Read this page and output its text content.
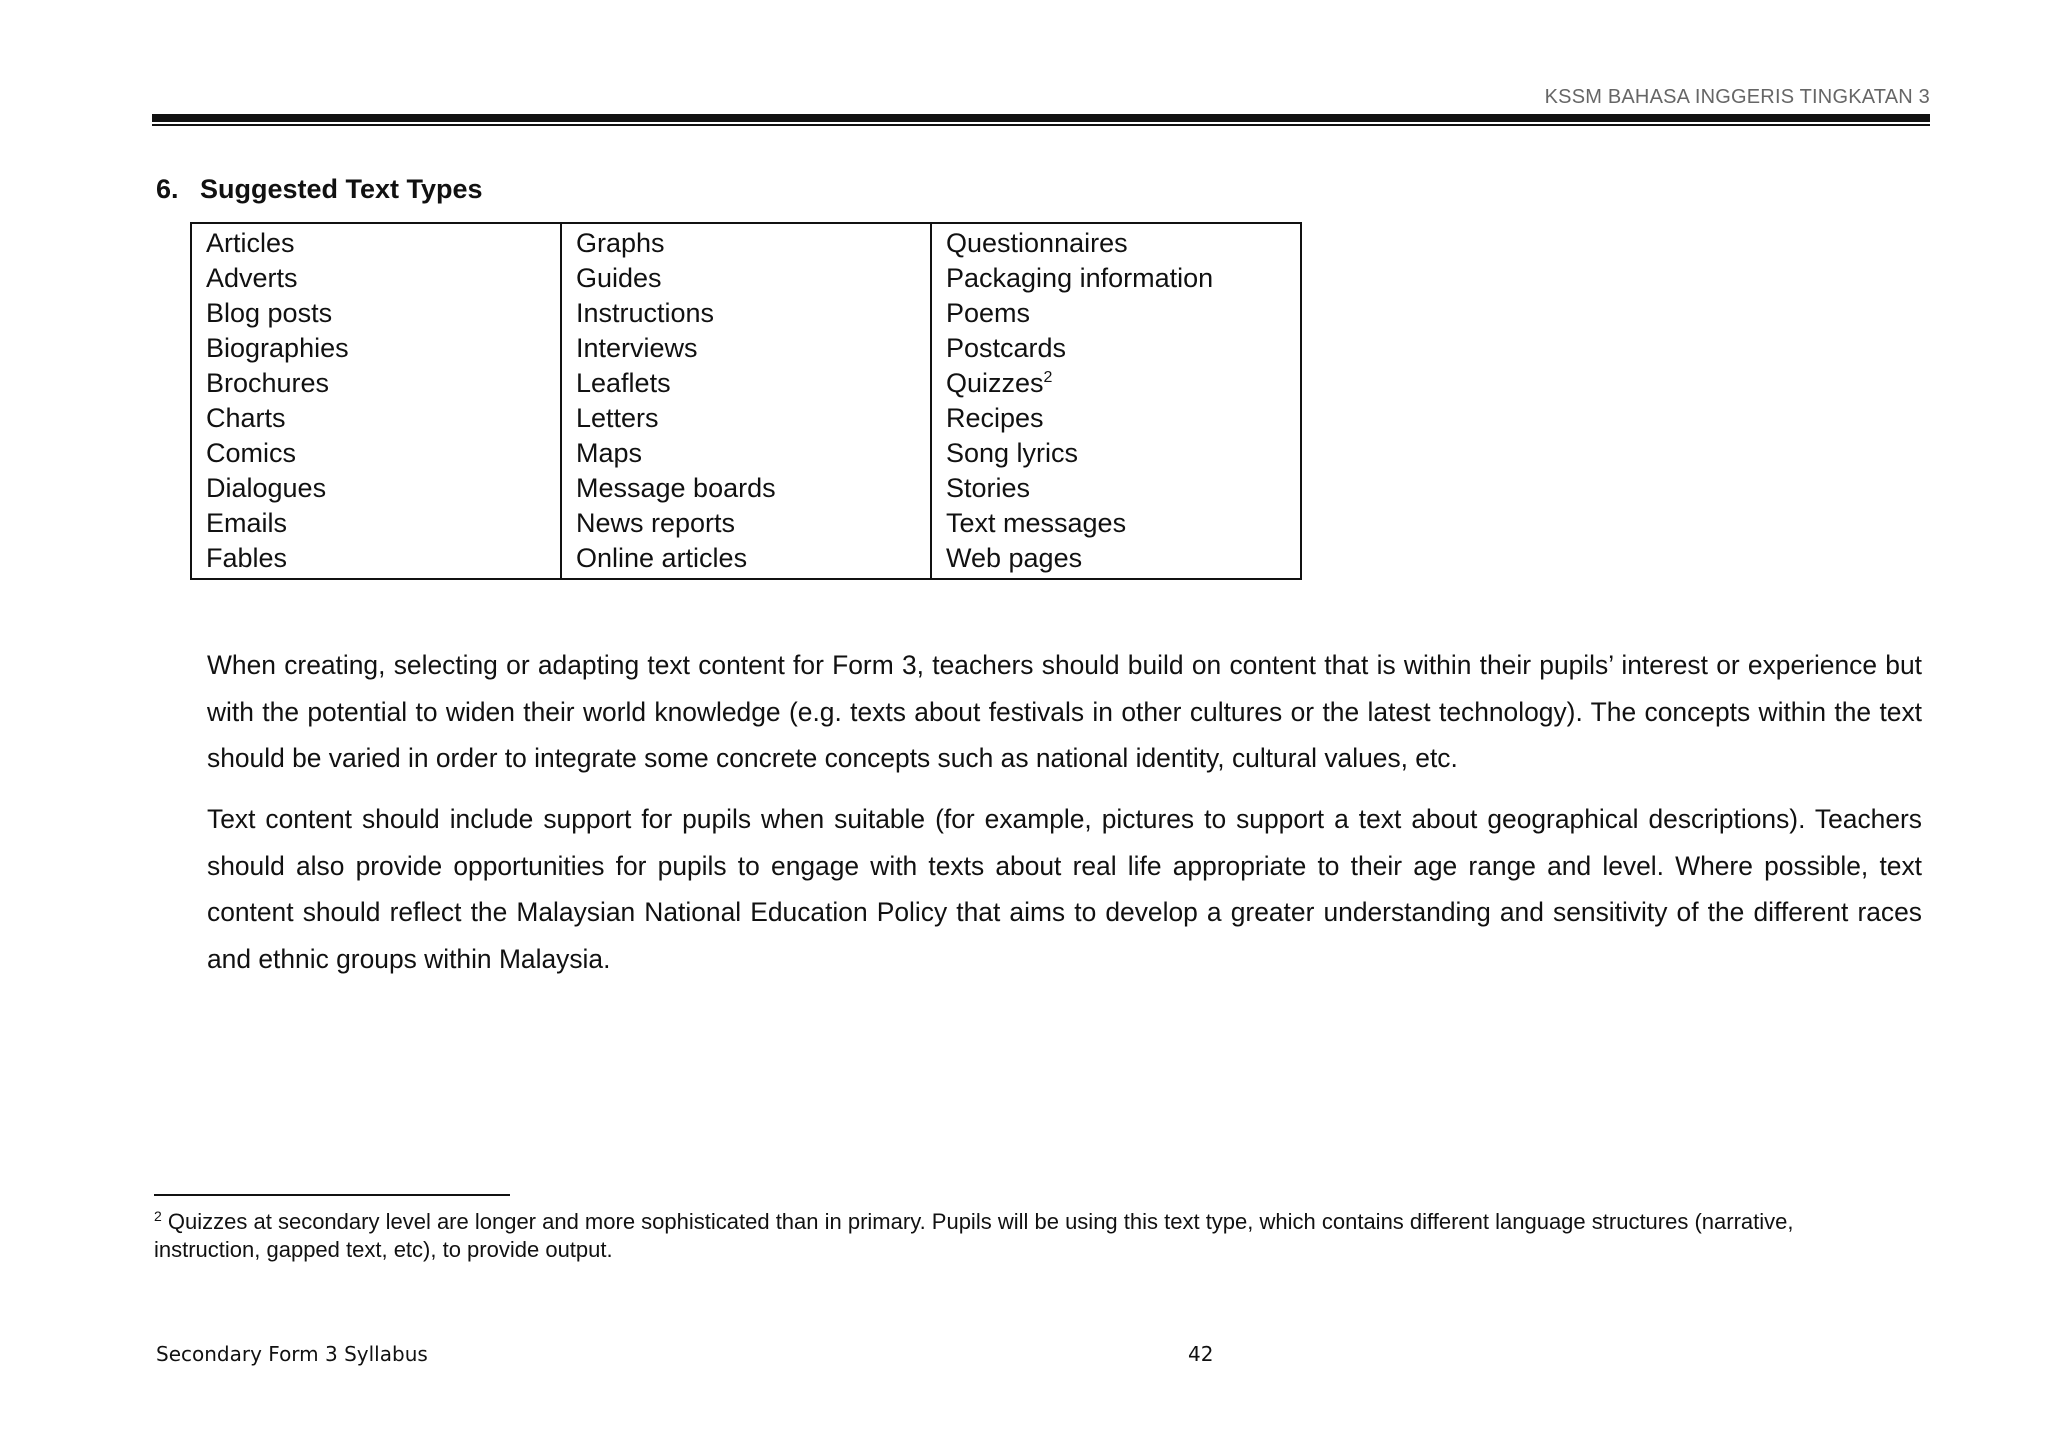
KSSM BAHASA INGGERIS TINGKATAN 3
6. Suggested Text Types
Articles
Adverts
Blog posts
Biographies
Brochures
Charts
Comics
Dialogues
Emails
Fables
Graphs
Guides
Instructions
Interviews
Leaflets
Letters
Maps
Message boards
News reports
Online articles
Questionnaires
Packaging information
Poems
Postcards
Quizzes$^2$
Recipes
Song lyrics
Stories
Text messages
Web pages

When creating, selecting or adapting text content for Form 3, teachers should build on content that is within their pupils’ interest or experience but with the potential to widen their world knowledge (e.g. texts about festivals in other cultures or the latest technology). The concepts within the text should be varied in order to integrate some concrete concepts such as national identity, cultural values, etc.

Text content should include support for pupils when suitable (for example, pictures to support a text about geographical descriptions). Teachers should also provide opportunities for pupils to engage with texts about real life appropriate to their age range and level. Where possible, text content should reflect the Malaysian National Education Policy that aims to develop a greater understanding and sensitivity of the different races and ethnic groups within Malaysia.

$^2$ Quizzes at secondary level are longer and more sophisticated than in primary. Pupils will be using this text type, which contains different language structures (narrative, instruction, gapped text, etc), to provide output.

Secondary Form 3 Syllabus	42
